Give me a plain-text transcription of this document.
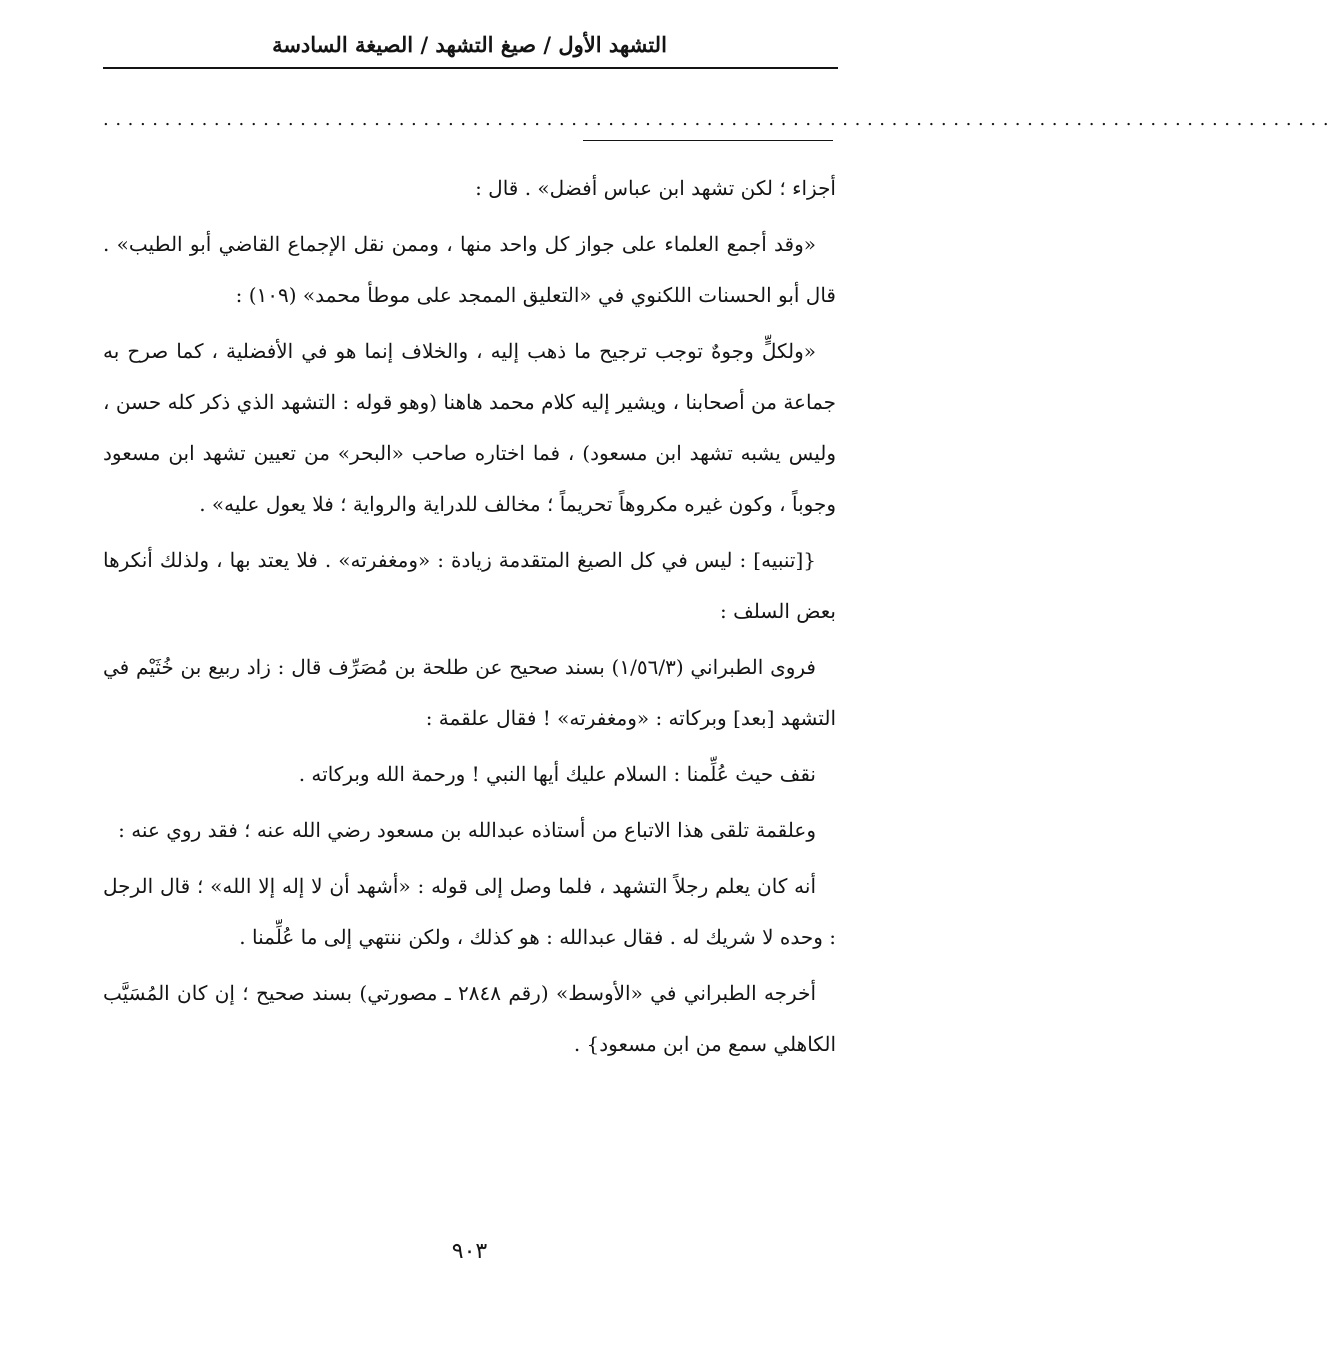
التشهد الأول / صيغ التشهد / الصيغة السادسة
....................................................................................................

أجزاء ؛ لكن تشهد ابن عباس أفضل» . قال :

«وقد أجمع العلماء على جواز كل واحد منها ، وممن نقل الإجماع القاضي أبو الطيب» . قال أبو الحسنات اللكنوي في «التعليق الممجد على موطأ محمد» (١٠٩) :

«ولكلٍّ وجوهٌ توجب ترجيح ما ذهب إليه ، والخلاف إنما هو في الأفضلية ، كما صرح به جماعة من أصحابنا ، ويشير إليه كلام محمد هاهنا (وهو قوله : التشهد الذي ذكر كله حسن ، وليس يشبه تشهد ابن مسعود) ، فما اختاره صاحب «البحر» من تعيين تشهد ابن مسعود وجوباً ، وكون غيره مكروهاً تحريماً ؛ مخالف للدراية والرواية ؛ فلا يعول عليه» .

{[تنبيه] : ليس في كل الصيغ المتقدمة زيادة : «ومغفرته» . فلا يعتد بها ، ولذلك أنكرها بعض السلف :

فروى الطبراني (١/٥٦/٣) بسند صحيح عن طلحة بن مُصَرِّف قال : زاد ربيع بن خُثَيْم في التشهد [بعد] وبركاته : «ومغفرته» ! فقال علقمة :

نقف حيث عُلِّمنا : السلام عليك أيها النبي ! ورحمة الله وبركاته .

وعلقمة تلقى هذا الاتباع من أستاذه عبدالله بن مسعود رضي الله عنه ؛ فقد روي عنه :

أنه كان يعلم رجلاً التشهد ، فلما وصل إلى قوله : «أشهد أن لا إله إلا الله» ؛ قال الرجل : وحده لا شريك له . فقال عبدالله : هو كذلك ، ولكن ننتهي إلى ما عُلِّمنا .

أخرجه الطبراني في «الأوسط» (رقم ٢٨٤٨ ـ مصورتي) بسند صحيح ؛ إن كان المُسَيَّب الكاهلي سمع من ابن مسعود} .

٩٠٣
